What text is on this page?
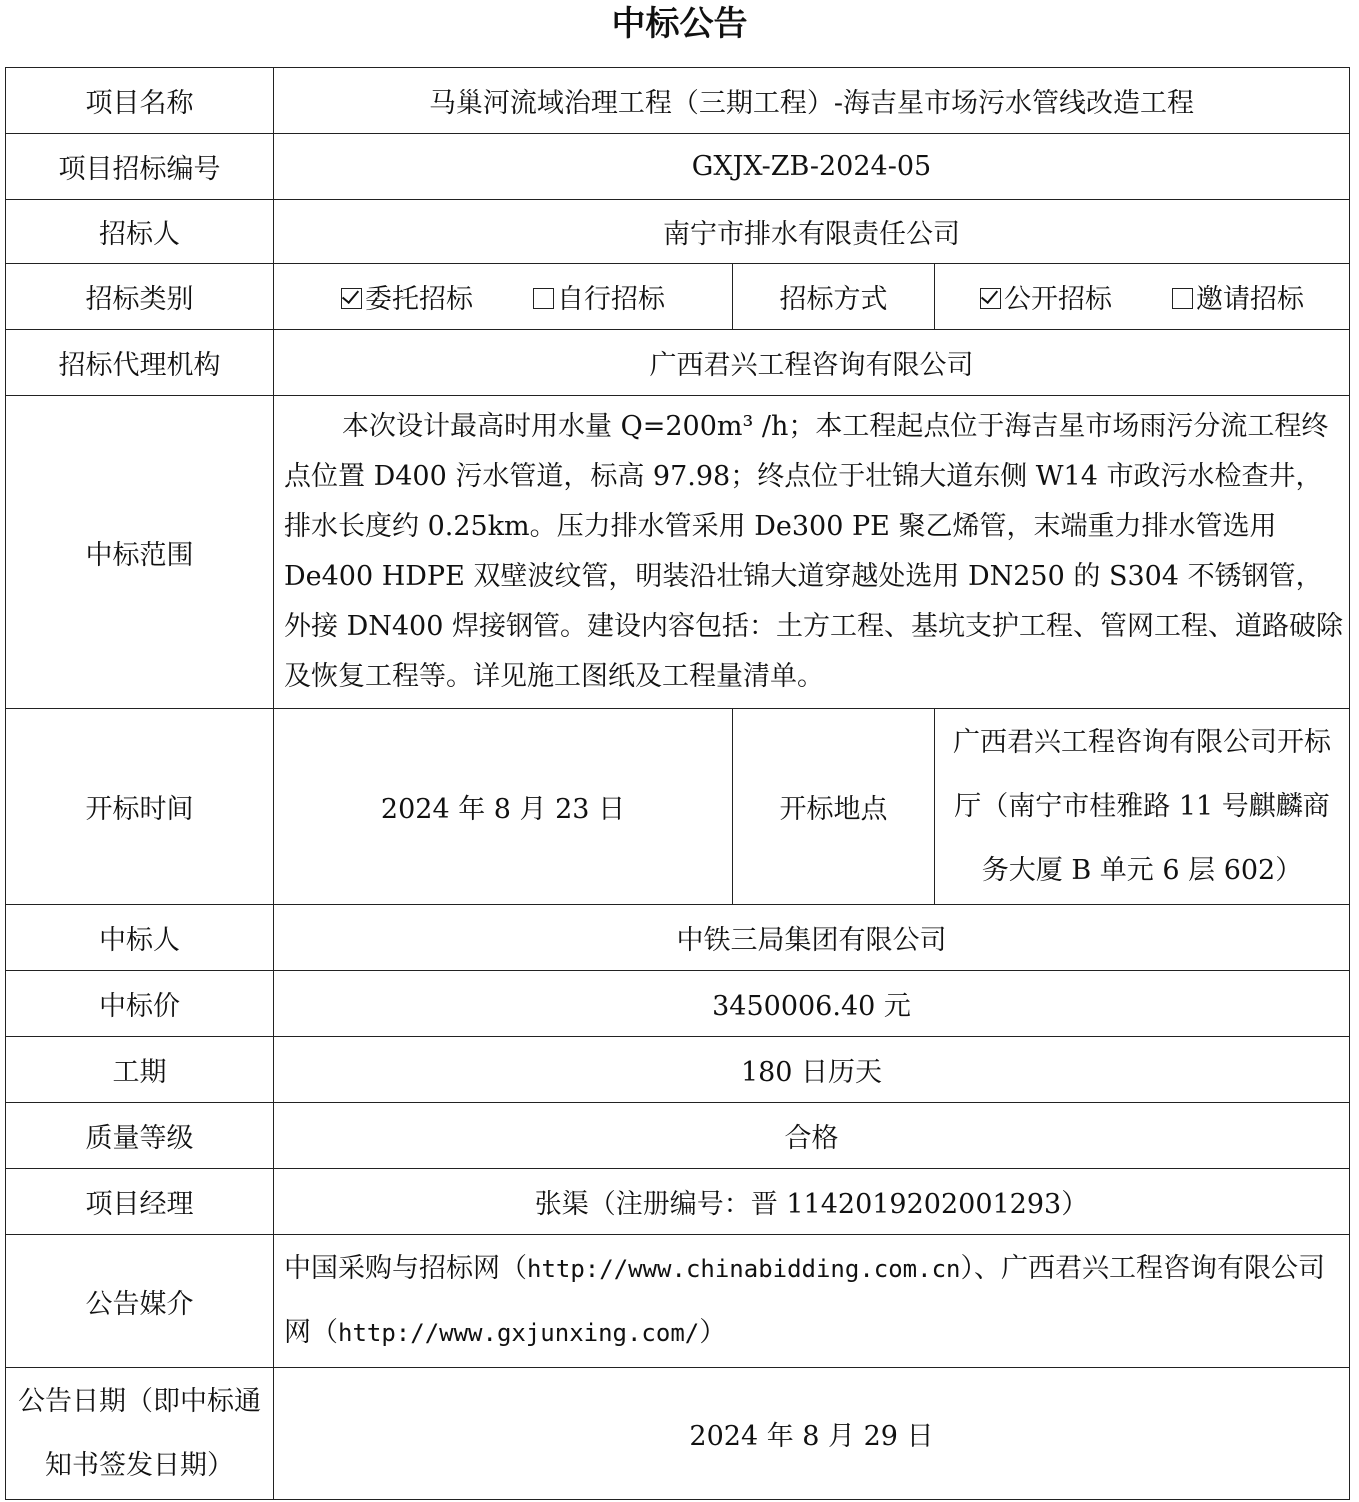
中标公告
项目名称	马巢河流域治理工程（三期工程）-海吉星市场污水管线改造工程		
项目招标编号	GXJX-ZB-2024-05		
招标人	南宁市排水有限责任公司		
招标类别	委托招标 自行招标	招标方式	公开招标 邀请招标
招标代理机构	广西君兴工程咨询有限公司		
中标范围	本次设计最高时用水量 Q=200m³ /h；本工程起点位于海吉星市场雨污分流工程终点位置 D400 污水管道，标高 97.98；终点位于壮锦大道东侧 W14 市政污水检查井，排水长度约 0.25km。压力排水管采用 De300 PE 聚乙烯管，末端重力排水管选用 De400 HDPE 双壁波纹管，明装沿壮锦大道穿越处选用 DN250 的 S304 不锈钢管，外接 DN400 焊接钢管。建设内容包括：土方工程、基坑支护工程、管网工程、道路破除及恢复工程等。详见施工图纸及工程量清单。		
开标时间	2024 年 8 月 23 日	开标地点	广西君兴工程咨询有限公司开标厅（南宁市桂雅路 11 号麒麟商务大厦 B 单元 6 层 602）
中标人	中铁三局集团有限公司		
中标价	3450006.40 元		
工期	180 日历天		
质量等级	合格		
项目经理	张渠（注册编号：晋 1142019202001293）		
公告媒介	中国采购与招标网（http://www.chinabidding.com.cn）、广西君兴工程咨询有限公司网（http://www.gxjunxing.com/）		
公告日期（即中标通知书签发日期）	2024 年 8 月 29 日		
